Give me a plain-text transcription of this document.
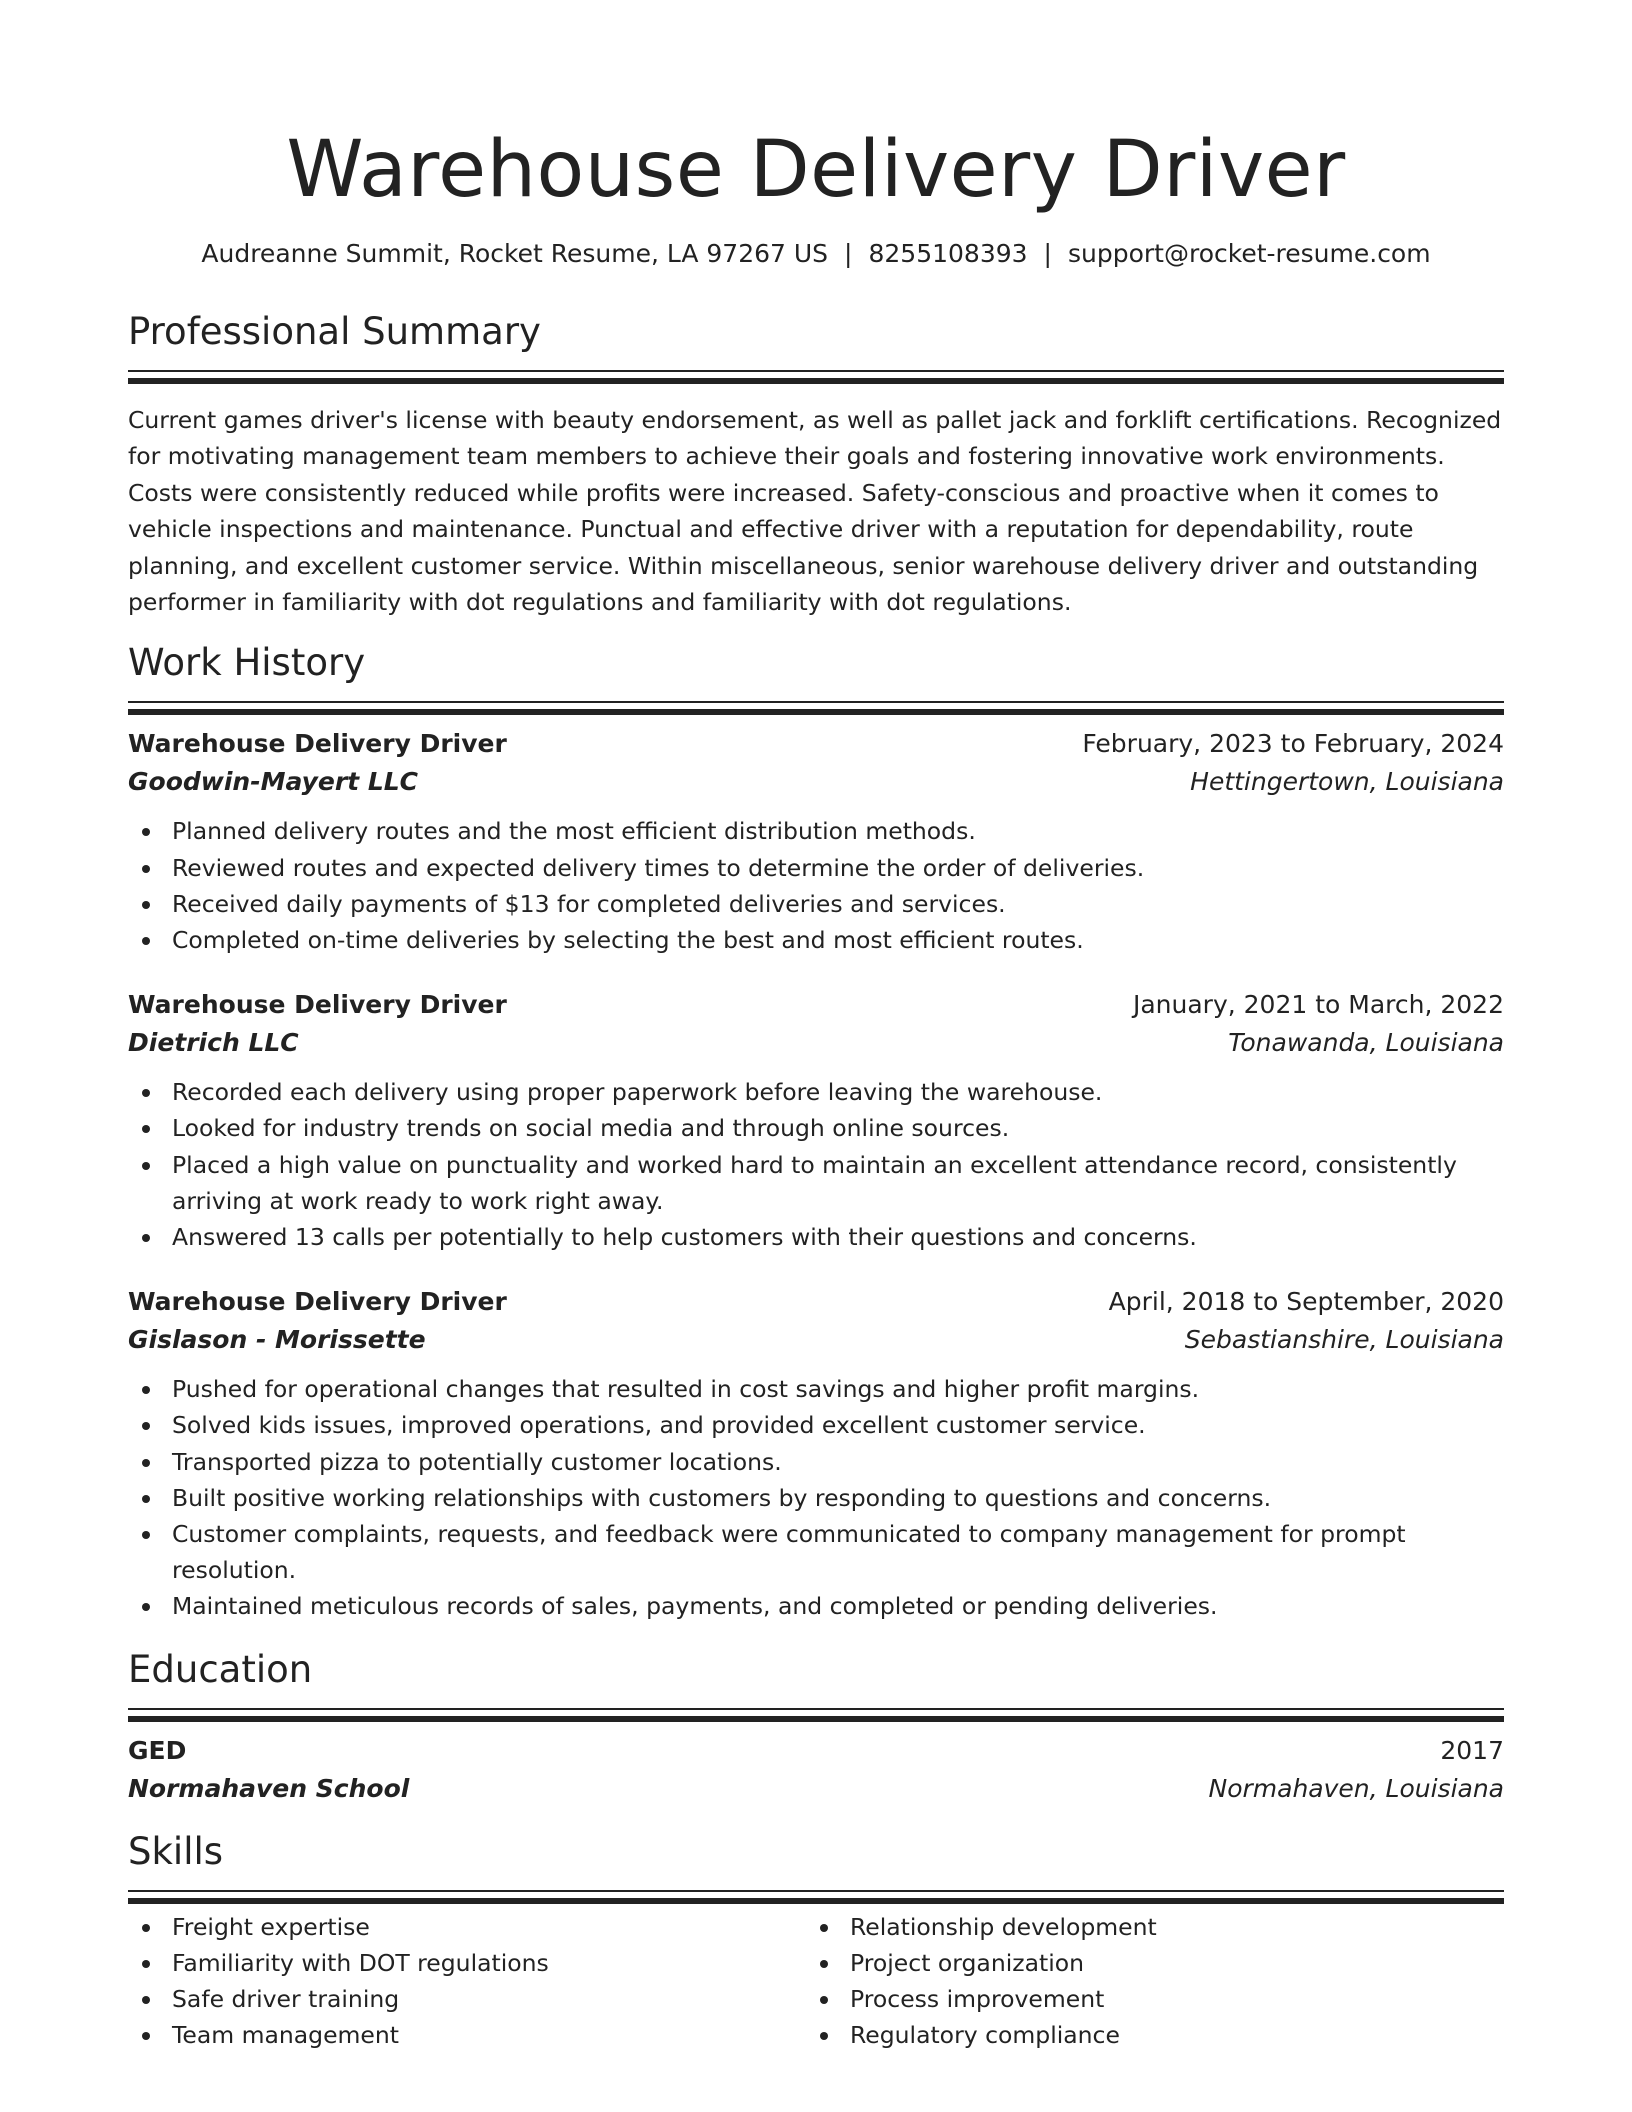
Warehouse Delivery Driver
Audreanne Summit, Rocket Resume, LA 97267 US | 8255108393 | support@rocket-resume.com
Professional Summary

Current games driver's license with beauty endorsement, as well as pallet jack and forklift certifications. Recognized for motivating management team members to achieve their goals and fostering innovative work environments. Costs were consistently reduced while profits were increased. Safety-conscious and proactive when it comes to vehicle inspections and maintenance. Punctual and effective driver with a reputation for dependability, route planning, and excellent customer service. Within miscellaneous, senior warehouse delivery driver and outstanding performer in familiarity with dot regulations and familiarity with dot regulations.

Work History
Warehouse Delivery Driver	February, 2023 to February, 2024
Goodwin-Mayert LLC	Hettingertown, Louisiana
Planned delivery routes and the most efficient distribution methods.
Reviewed routes and expected delivery times to determine the order of deliveries.
Received daily payments of $13 for completed deliveries and services.
Completed on-time deliveries by selecting the best and most efficient routes.
Warehouse Delivery Driver	January, 2021 to March, 2022
Dietrich LLC	Tonawanda, Louisiana
Recorded each delivery using proper paperwork before leaving the warehouse.
Looked for industry trends on social media and through online sources.
Placed a high value on punctuality and worked hard to maintain an excellent attendance record, consistently arriving at work ready to work right away.
Answered 13 calls per potentially to help customers with their questions and concerns.
Warehouse Delivery Driver	April, 2018 to September, 2020
Gislason - Morissette	Sebastianshire, Louisiana
Pushed for operational changes that resulted in cost savings and higher profit margins.
Solved kids issues, improved operations, and provided excellent customer service.
Transported pizza to potentially customer locations.
Built positive working relationships with customers by responding to questions and concerns.
Customer complaints, requests, and feedback were communicated to company management for prompt resolution.
Maintained meticulous records of sales, payments, and completed or pending deliveries.
Education
GED	2017
Normahaven School	Normahaven, Louisiana
Skills
Freight expertise
Familiarity with DOT regulations
Safe driver training
Team management
Relationship development
Project organization
Process improvement
Regulatory compliance
